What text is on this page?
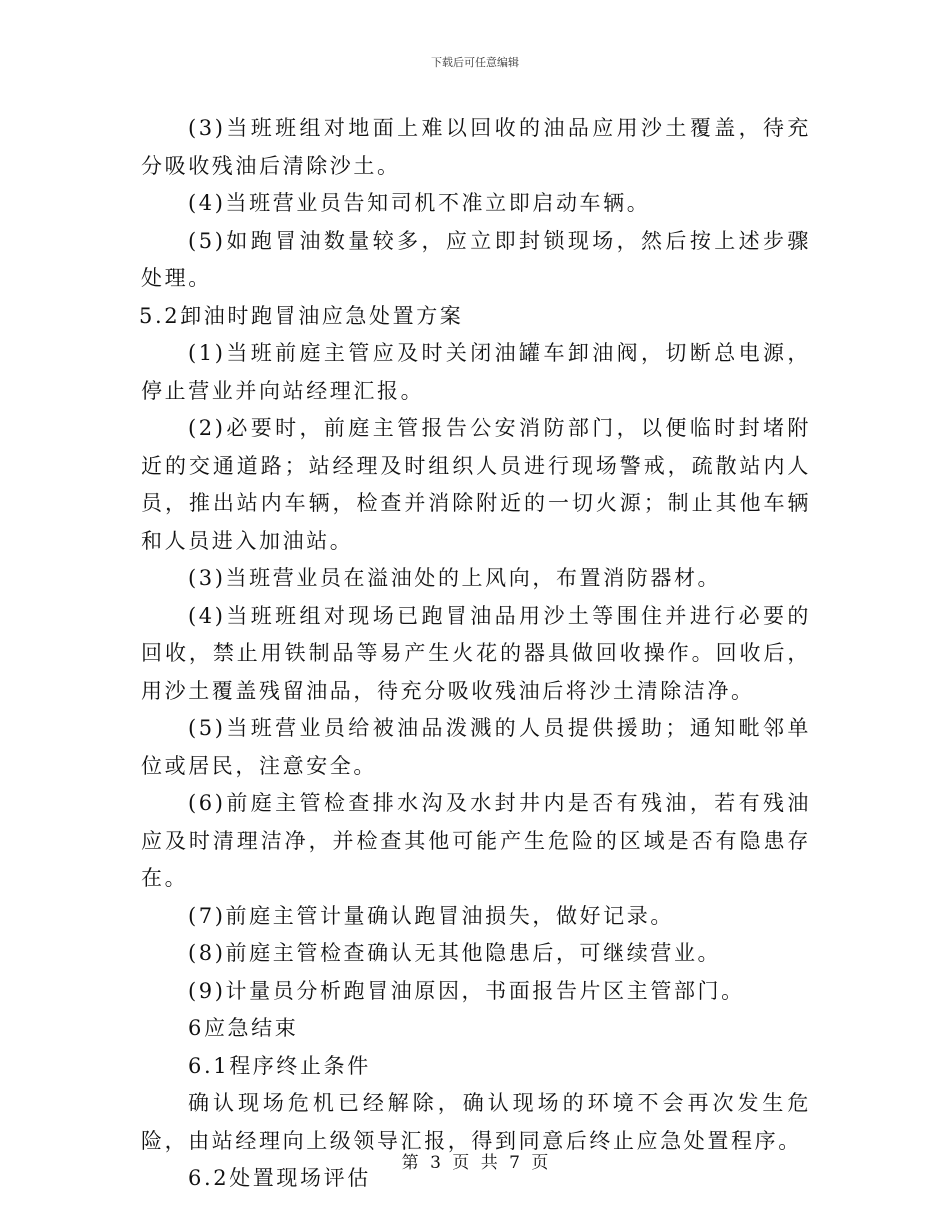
下载后可任意编辑

(3)当班班组对地面上难以回收的油品应用沙土覆盖，待充分吸收残油后清除沙土。

(4)当班营业员告知司机不准立即启动车辆。

(5)如跑冒油数量较多，应立即封锁现场，然后按上述步骤处理。

5.2卸油时跑冒油应急处置方案

(1)当班前庭主管应及时关闭油罐车卸油阀，切断总电源，停止营业并向站经理汇报。

(2)必要时，前庭主管报告公安消防部门，以便临时封堵附近的交通道路；站经理及时组织人员进行现场警戒，疏散站内人员，推出站内车辆，检查并消除附近的一切火源；制止其他车辆和人员进入加油站。

(3)当班营业员在溢油处的上风向，布置消防器材。

(4)当班班组对现场已跑冒油品用沙土等围住并进行必要的回收，禁止用铁制品等易产生火花的器具做回收操作。回收后，用沙土覆盖残留油品，待充分吸收残油后将沙土清除洁净。

(5)当班营业员给被油品泼溅的人员提供援助；通知毗邻单位或居民，注意安全。

(6)前庭主管检查排水沟及水封井内是否有残油，若有残油应及时清理洁净，并检查其他可能产生危险的区域是否有隐患存在。

(7)前庭主管计量确认跑冒油损失，做好记录。

(8)前庭主管检查确认无其他隐患后，可继续营业。

(9)计量员分析跑冒油原因，书面报告片区主管部门。

6应急结束

6.1程序终止条件

确认现场危机已经解除，确认现场的环境不会再次发生危险，由站经理向上级领导汇报，得到同意后终止应急处置程序。

6.2处置现场评估

第 3 页 共 7 页
